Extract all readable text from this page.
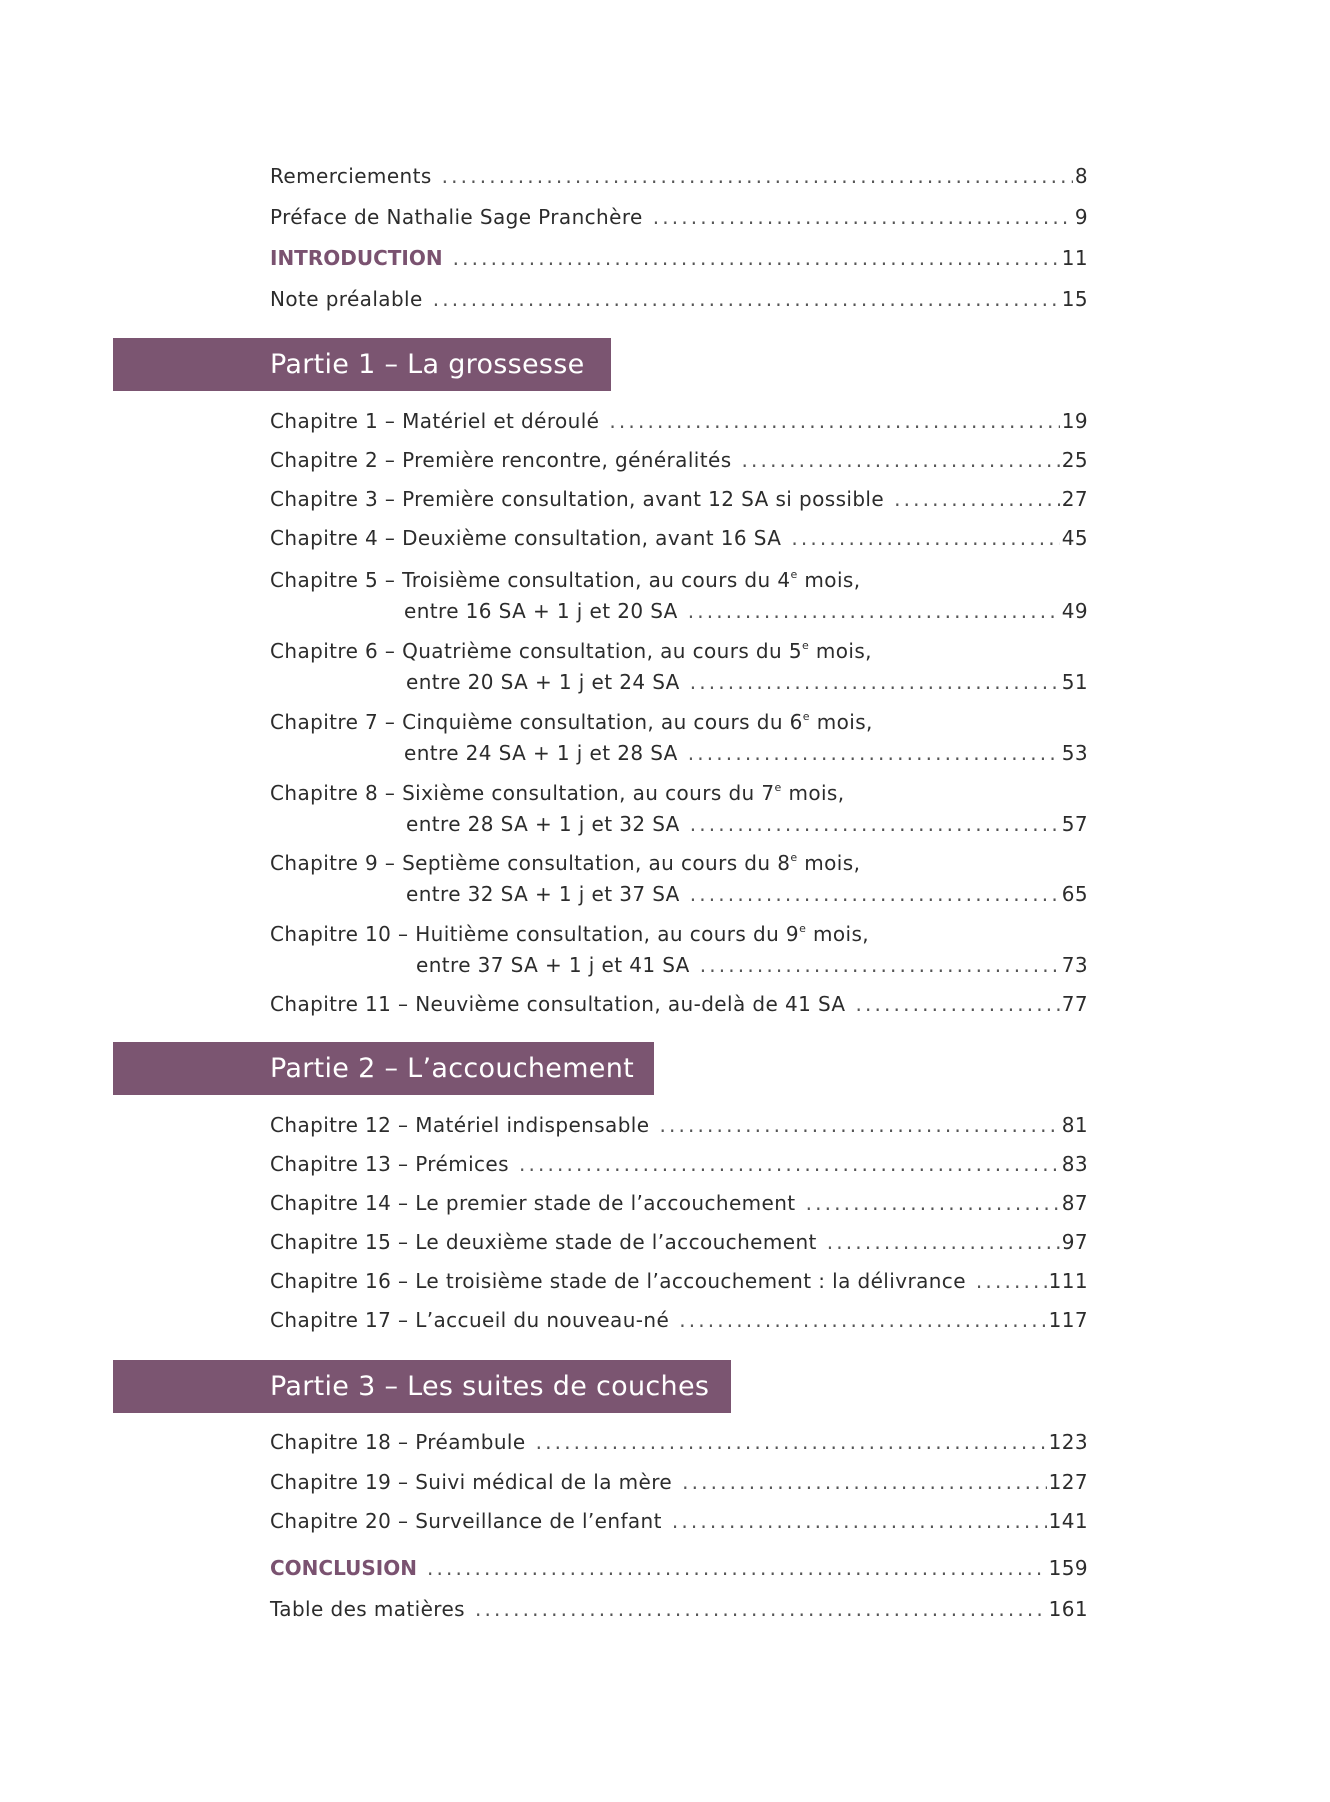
Remerciements . . .	8
Préface de Nathalie Sage Pranchère . . .	9
INTRODUCTION . . .	11
Note préalable . . .	15
Partie 1 – La grossesse
Chapitre 1 – Matériel et déroulé . . .	19
Chapitre 2 – Première rencontre, généralités . . .	25
Chapitre 3 – Première consultation, avant 12 SA si possible . . .	27
Chapitre 4 – Deuxième consultation, avant 16 SA . . .	45
Chapitre 5 – Troisième consultation, au cours du 4e mois,
entre 16 SA + 1 j et 20 SA . . .	49
Chapitre 6 – Quatrième consultation, au cours du 5e mois,
entre 20 SA + 1 j et 24 SA . . .	51
Chapitre 7 – Cinquième consultation, au cours du 6e mois,
entre 24 SA + 1 j et 28 SA . . .	53
Chapitre 8 – Sixième consultation, au cours du 7e mois,
entre 28 SA + 1 j et 32 SA . . .	57
Chapitre 9 – Septième consultation, au cours du 8e mois,
entre 32 SA + 1 j et 37 SA . . .	65
Chapitre 10 – Huitième consultation, au cours du 9e mois,
entre 37 SA + 1 j et 41 SA . . .	73
Chapitre 11 – Neuvième consultation, au-delà de 41 SA . . .	77
Partie 2 – L’accouchement
Chapitre 12 – Matériel indispensable . . .	81
Chapitre 13 – Prémices . . .	83
Chapitre 14 – Le premier stade de l’accouchement . . .	87
Chapitre 15 – Le deuxième stade de l’accouchement . . .	97
Chapitre 16 – Le troisième stade de l’accouchement : la délivrance . . .	111
Chapitre 17 – L’accueil du nouveau-né . . .	117
Partie 3 – Les suites de couches
Chapitre 18 – Préambule . . .	123
Chapitre 19 – Suivi médical de la mère . . .	127
Chapitre 20 – Surveillance de l’enfant . . .	141
CONCLUSION . . .	159
Table des matières . . .	161
